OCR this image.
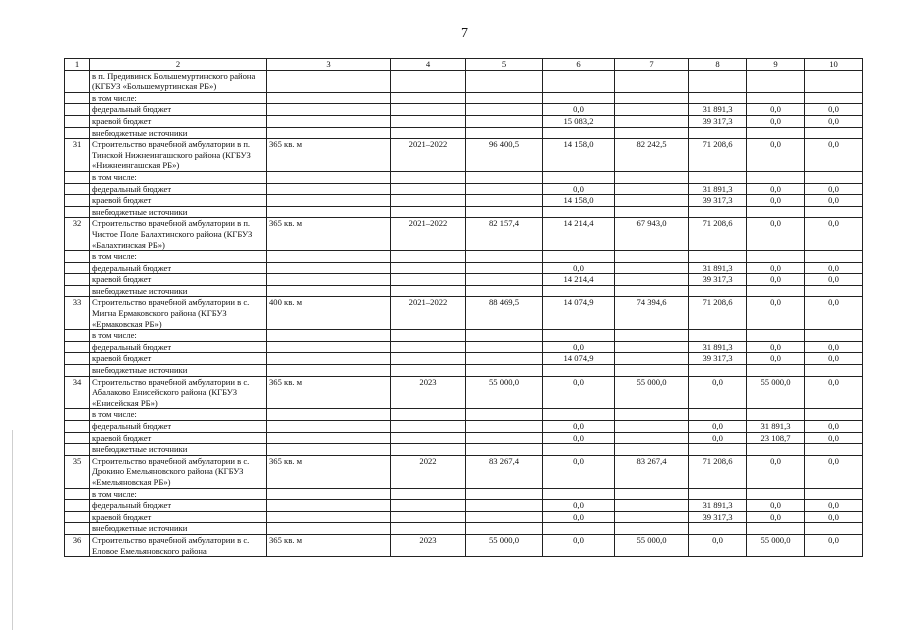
7
1	2	3	4	5	6	7	8	9	10
	в п. Предивинск Большемуртинского района (КГБУЗ «Большемуртинская РБ»)								
	в том числе:								
	федеральный бюджет				0,0		31 891,3	0,0	0,0
	краевой бюджет				15 083,2		39 317,3	0,0	0,0
	внебюджетные источники								
31	Строительство врачебной амбулатории в п. Тинской Нижнеингашского района (КГБУЗ «Нижнеингашская РБ»)	365 кв. м	2021–2022	96 400,5	14 158,0	82 242,5	71 208,6	0,0	0,0
	в том числе:								
	федеральный бюджет				0,0		31 891,3	0,0	0,0
	краевой бюджет				14 158,0		39 317,3	0,0	0,0
	внебюджетные источники								
32	Строительство врачебной амбулатории в п. Чистое Поле Балахтинского района (КГБУЗ «Балахтинская РБ»)	365 кв. м	2021–2022	82 157,4	14 214,4	67 943,0	71 208,6	0,0	0,0
	в том числе:								
	федеральный бюджет				0,0		31 891,3	0,0	0,0
	краевой бюджет				14 214,4		39 317,3	0,0	0,0
	внебюджетные источники								
33	Строительство врачебной амбулатории в с. Мигна Ермаковского района (КГБУЗ «Ермаковская РБ»)	400 кв. м	2021–2022	88 469,5	14 074,9	74 394,6	71 208,6	0,0	0,0
	в том числе:								
	федеральный бюджет				0,0		31 891,3	0,0	0,0
	краевой бюджет				14 074,9		39 317,3	0,0	0,0
	внебюджетные источники								
34	Строительство врачебной амбулатории в с. Абалаково Енисейского района (КГБУЗ «Енисейская РБ»)	365 кв. м	2023	55 000,0	0,0	55 000,0	0,0	55 000,0	0,0
	в том числе:								
	федеральный бюджет				0,0		0,0	31 891,3	0,0
	краевой бюджет				0,0		0,0	23 108,7	0,0
	внебюджетные источники								
35	Строительство врачебной амбулатории в с. Дрокино Емельяновского района (КГБУЗ «Емельяновская РБ»)	365 кв. м	2022	83 267,4	0,0	83 267,4	71 208,6	0,0	0,0
	в том числе:								
	федеральный бюджет				0,0		31 891,3	0,0	0,0
	краевой бюджет				0,0		39 317,3	0,0	0,0
	внебюджетные источники								
36	Строительство врачебной амбулатории в с. Еловое Емельяновского района	365 кв. м	2023	55 000,0	0,0	55 000,0	0,0	55 000,0	0,0
